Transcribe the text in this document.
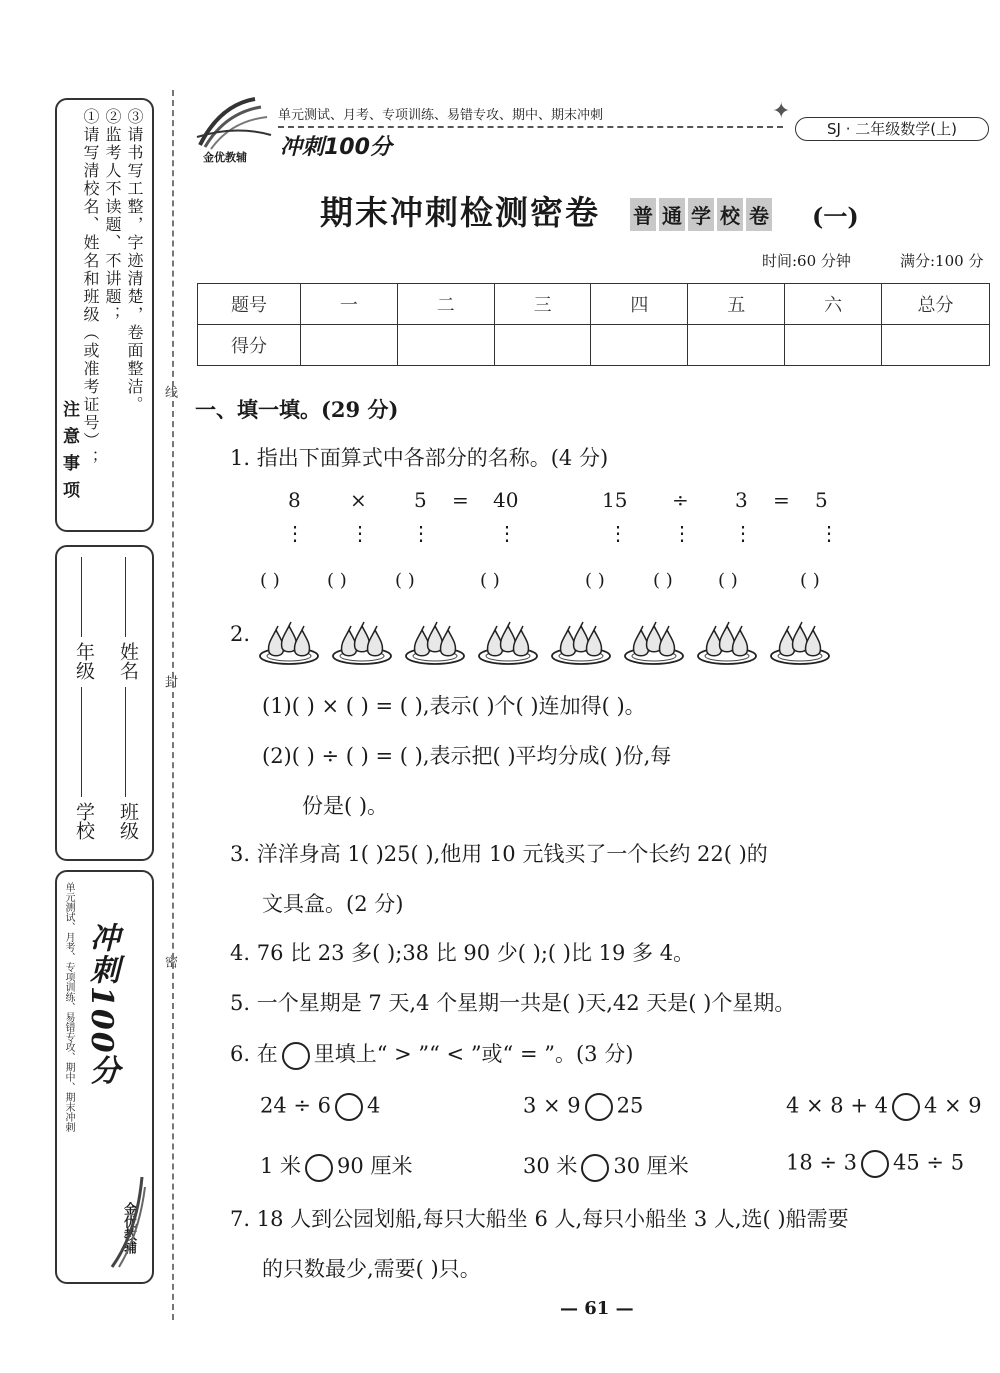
注意事项 ①请写清校名、姓名和班级（或准考证号）； ②监考人不读题、不讲题； ③请书写工整，字迹清楚，卷面整洁。
学校
年级
班级
姓名
单元测试、月考、专项训练、易错专攻、期中、期末冲刺 冲刺100分
金优教辅
线
封
密
金优教辅
单元测试、月考、专项训练、易错专攻、期中、期末冲刺
冲刺100分
✦
SJ · 二年级数学(上)
期末冲刺检测密卷 普 通 学 校 卷 (一)
时间:60 分钟	满分:100 分
题号	一	二	三	四	五	六	总分
得分							
一、填一填。(29 分)
1. 指出下面算式中各部分的名称。(4 分)
8 × 5 = 40	15 ÷ 3 = 5
⋮ ⋮ ⋮	⋮	⋮ ⋮ ⋮	⋮
( )	( )	( )	( )	( )	( )	( )	( )
2.
(1)( ) × ( ) = ( ),表示( )个( )连加得( )。
(2)( ) ÷ ( ) = ( ),表示把( )平均分成( )份,每
份是( )。
3. 洋洋身高 1( )25( ),他用 10 元钱买了一个长约 22( )的
文具盒。(2 分)
4. 76 比 23 多( );38 比 90 少( );( )比 19 多 4。
5. 一个星期是 7 天,4 个星期一共是( )天,42 天是( )个星期。
6. 在 里填上“ > ”“ < ”或“ = ”。(3 分)
24 ÷ 6 4	3 × 9 25	4 × 8 + 4 4 × 9
1 米 90 厘米	30 米 30 厘米	18 ÷ 3 45 ÷ 5
7. 18 人到公园划船,每只大船坐 6 人,每只小船坐 3 人,选( )船需要
的只数最少,需要( )只。
— 61 —
